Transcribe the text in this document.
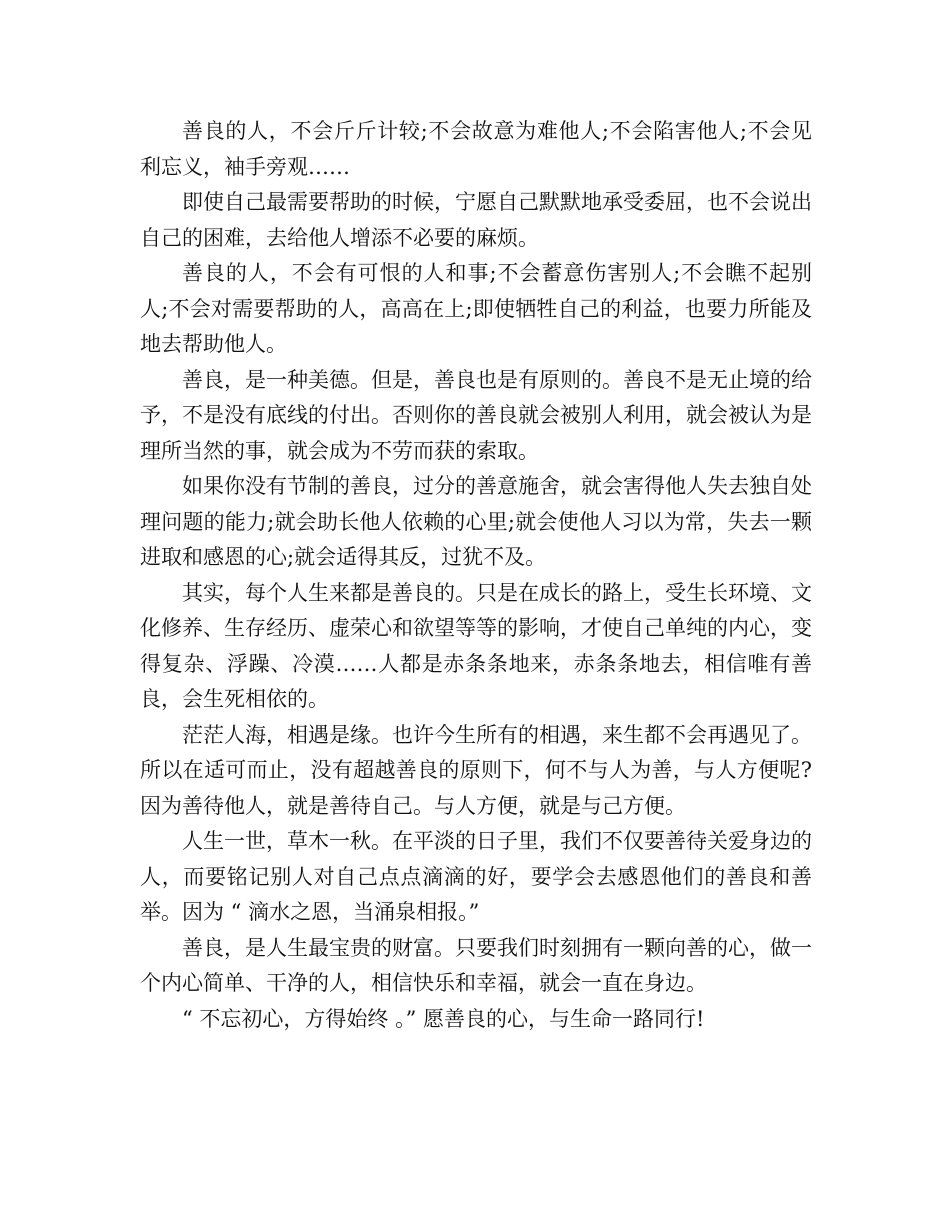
善良的人，不会斤斤计较;不会故意为难他人;不会陷害他人;不会见利忘义，袖手旁观……

即使自己最需要帮助的时候，宁愿自己默默地承受委屈，也不会说出自己的困难，去给他人增添不必要的麻烦。

善良的人，不会有可恨的人和事;不会蓄意伤害别人;不会瞧不起别人;不会对需要帮助的人，高高在上;即使牺牲自己的利益，也要力所能及地去帮助他人。

善良，是一种美德。但是，善良也是有原则的。善良不是无止境的给予，不是没有底线的付出。否则你的善良就会被别人利用，就会被认为是理所当然的事，就会成为不劳而获的索取。

如果你没有节制的善良，过分的善意施舍，就会害得他人失去独自处理问题的能力;就会助长他人依赖的心里;就会使他人习以为常，失去一颗进取和感恩的心;就会适得其反，过犹不及。

其实，每个人生来都是善良的。只是在成长的路上，受生长环境、文化修养、生存经历、虚荣心和欲望等等的影响，才使自己单纯的内心，变得复杂、浮躁、冷漠……人都是赤条条地来，赤条条地去，相信唯有善良，会生死相依的。

茫茫人海，相遇是缘。也许今生所有的相遇，来生都不会再遇见了。所以在适可而止，没有超越善良的原则下，何不与人为善，与人方便呢?因为善待他人，就是善待自己。与人方便，就是与己方便。

人生一世，草木一秋。在平淡的日子里，我们不仅要善待关爱身边的人，而要铭记别人对自己点点滴滴的好，要学会去感恩他们的善良和善举。因为 “ 滴水之恩，当涌泉相报。”

善良，是人生最宝贵的财富。只要我们时刻拥有一颗向善的心，做一个内心简单、干净的人，相信快乐和幸福，就会一直在身边。

“ 不忘初心，方得始终 。” 愿善良的心，与生命一路同行!
